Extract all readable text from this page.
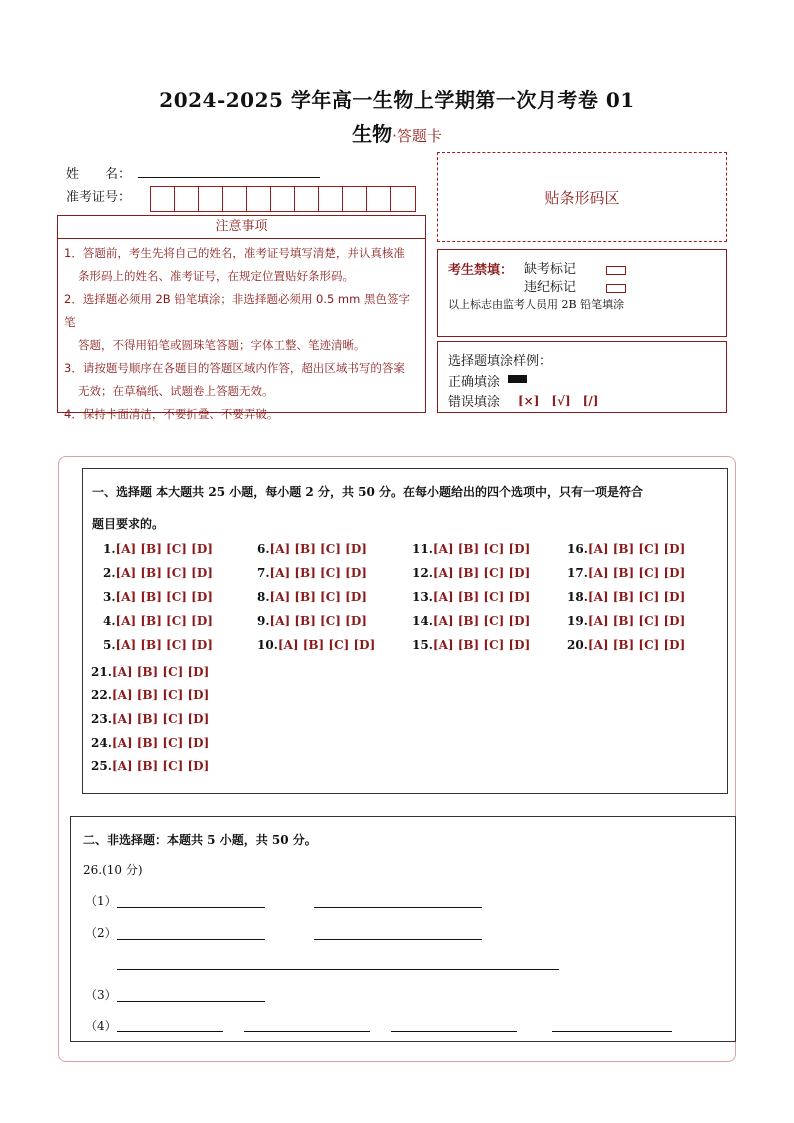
2024-2025 学年高一生物上学期第一次月考卷 01
生物·答题卡
姓　　名：
准考证号：	贴条形码区
注意事项
1．答题前，考生先将自己的姓名，准考证号填写清楚，并认真核准
条形码上的姓名、准考证号，在规定位置贴好条形码。
2．选择题必须用 2B 铅笔填涂；非选择题必须用 0.5 mm 黑色签字笔
答题，不得用铅笔或圆珠笔答题；字体工整、笔迹清晰。
3．请按题号顺序在各题目的答题区域内作答，超出区域书写的答案
无效；在草稿纸、试题卷上答题无效。
4．保持卡面清洁，不要折叠、不要弄破。
考生禁填： 缺考标记
违纪标记
以上标志由监考人员用 2B 铅笔填涂
选择题填涂样例：
正确填涂
错误填涂 [×]　[√]　[/]
一、选择题 本大题共 25 小题，每小题 2 分，共 50 分。在每小题给出的四个选项中，只有一项是符合
题目要求的。
1.[A] [B] [C] [D]
2.[A] [B] [C] [D]
3.[A] [B] [C] [D]
4.[A] [B] [C] [D]
5.[A] [B] [C] [D]
6.[A] [B] [C] [D]
7.[A] [B] [C] [D]
8.[A] [B] [C] [D]
9.[A] [B] [C] [D]
10.[A] [B] [C] [D]
11.[A] [B] [C] [D]
12.[A] [B] [C] [D]
13.[A] [B] [C] [D]
14.[A] [B] [C] [D]
15.[A] [B] [C] [D]
16.[A] [B] [C] [D]
17.[A] [B] [C] [D]
18.[A] [B] [C] [D]
19.[A] [B] [C] [D]
20.[A] [B] [C] [D]
21.[A] [B] [C] [D]
22.[A] [B] [C] [D]
23.[A] [B] [C] [D]
24.[A] [B] [C] [D]
25.[A] [B] [C] [D]
二、非选择题：本题共 5 小题，共 50 分。
26.(10 分)
（1）
（2）
（3）
（4）
